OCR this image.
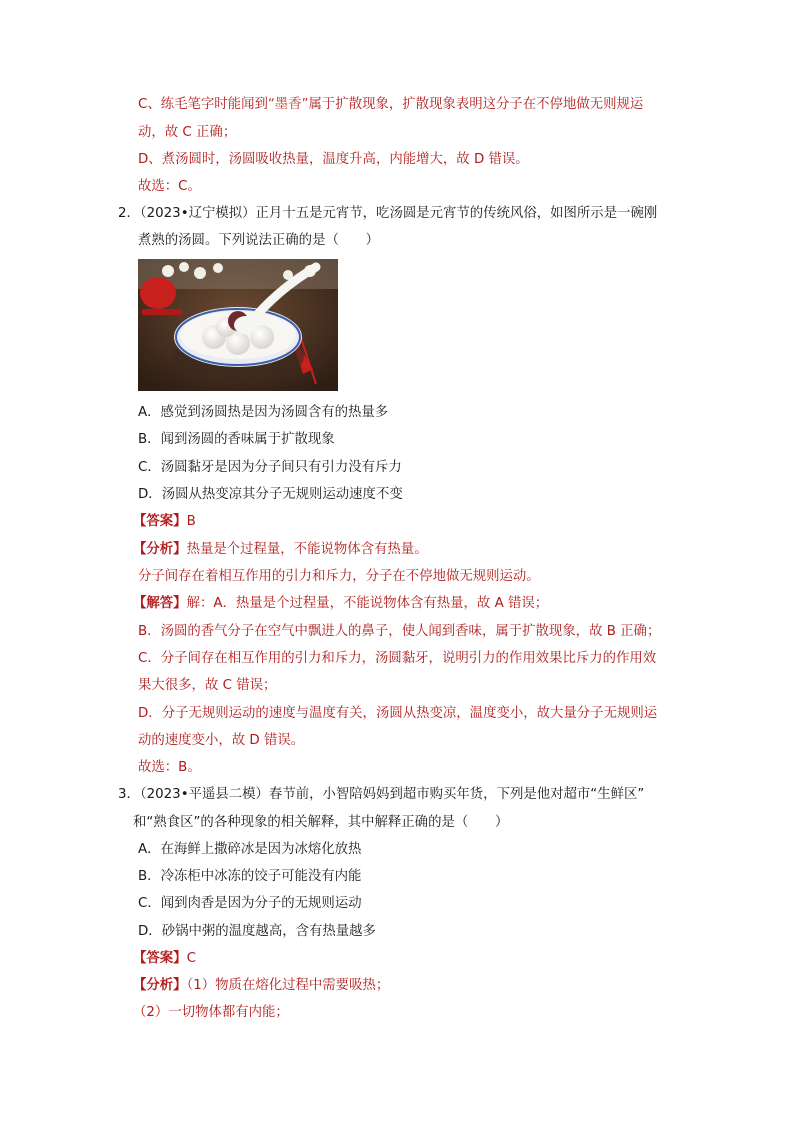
C、练毛笔字时能闻到“墨香”属于扩散现象，扩散现象表明这分子在不停地做无则规运
动，故 C 正确；
D、煮汤圆时，汤圆吸收热量，温度升高，内能增大，故 D 错误。
故选：C。
2．（2023•辽宁模拟）正月十五是元宵节，吃汤圆是元宵节的传统风俗，如图所示是一碗刚
煮熟的汤圆。下列说法正确的是（　　）
A．感觉到汤圆热是因为汤圆含有的热量多
B．闻到汤圆的香味属于扩散现象
C．汤圆黏牙是因为分子间只有引力没有斥力
D．汤圆从热变凉其分子无规则运动速度不变
【答案】B
【分析】热量是个过程量，不能说物体含有热量。
分子间存在着相互作用的引力和斥力，分子在不停地做无规则运动。
【解答】解：A．热量是个过程量，不能说物体含有热量，故 A 错误；
B．汤圆的香气分子在空气中飘进人的鼻子，使人闻到香味，属于扩散现象，故 B 正确；
C．分子间存在相互作用的引力和斥力，汤圆黏牙，说明引力的作用效果比斥力的作用效
果大很多，故 C 错误；
D．分子无规则运动的速度与温度有关，汤圆从热变凉，温度变小，故大量分子无规则运
动的速度变小，故 D 错误。
故选：B。
3．（2023•平遥县二模）春节前，小智陪妈妈到超市购买年货，下列是他对超市“生鲜区”
和“熟食区”的各种现象的相关解释，其中解释正确的是（　　）
A．在海鲜上撒碎冰是因为冰熔化放热
B．冷冻柜中冰冻的饺子可能没有内能
C．闻到肉香是因为分子的无规则运动
D．砂锅中粥的温度越高，含有热量越多
【答案】C
【分析】（1）物质在熔化过程中需要吸热；
（2）一切物体都有内能；
